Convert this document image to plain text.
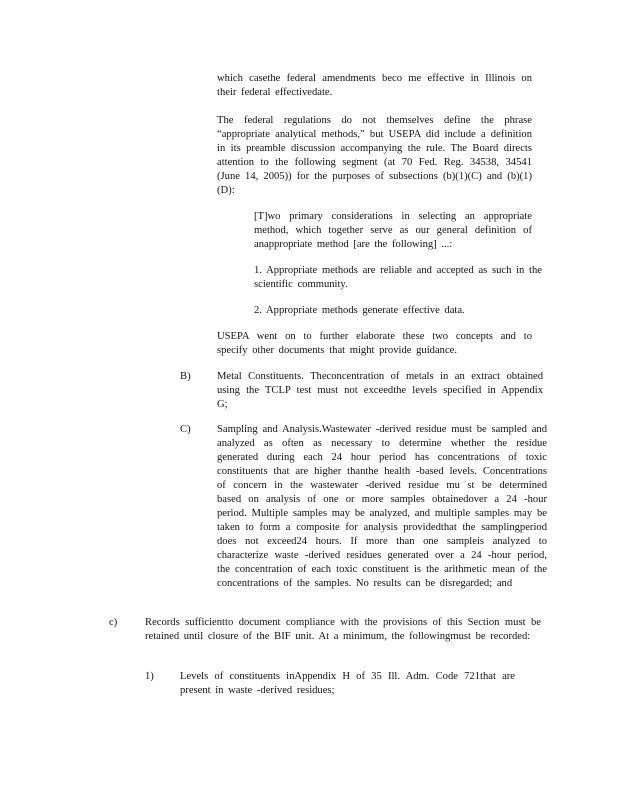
which casethe federal amendments beco me effective in Illinois on their federal effectivedate.

The federal regulations do not themselves define the phrase “appropriate analytical methods,” but USEPA did include a definition in its preamble discussion accompanying the rule. The Board directs attention to the following segment (at 70 Fed. Reg. 34538, 34541 (June 14, 2005)) for the purposes of subsections (b)(1)(C) and (b)(1)(D):

[T]wo primary considerations in selecting an appropriate method, which together serve as our general definition of anappropriate method [are the following] ...:

1. Appropriate methods are reliable and accepted as such in the scientific community.

2. Appropriate methods generate effective data.

USEPA went on to further elaborate these two concepts and to specify other documents that might provide guidance.

B) Metal Constituents. Theconcentration of metals in an extract obtained using the TCLP test must not exceedthe levels specified in Appendix G;

C) Sampling and Analysis.Wastewater -derived residue must be sampled and analyzed as often as necessary to determine whether the residue generated during each 24 hour period has concentrations of toxic constituents that are higher thanthe health -based levels. Concentrations of concern in the wastewater -derived residue mu st be determined based on analysis of one or more samples obtainedover a 24 -hour period. Multiple samples may be analyzed, and multiple samples may be taken to form a composite for analysis providedthat the samplingperiod does not exceed24 hours. If more than one sampleis analyzed to characterize waste -derived residues generated over a 24 -hour period, the concentration of each toxic constituent is the arithmetic mean of the concentrations of the samples. No results can be disregarded; and

c)	Records sufficientto document compliance with the provisions of this Section must be retained until closure of the BIF unit. At a minimum, the followingmust be recorded:

1) Levels of constituents inAppendix H of 35 Ill. Adm. Code 721that are present in waste -derived residues;
